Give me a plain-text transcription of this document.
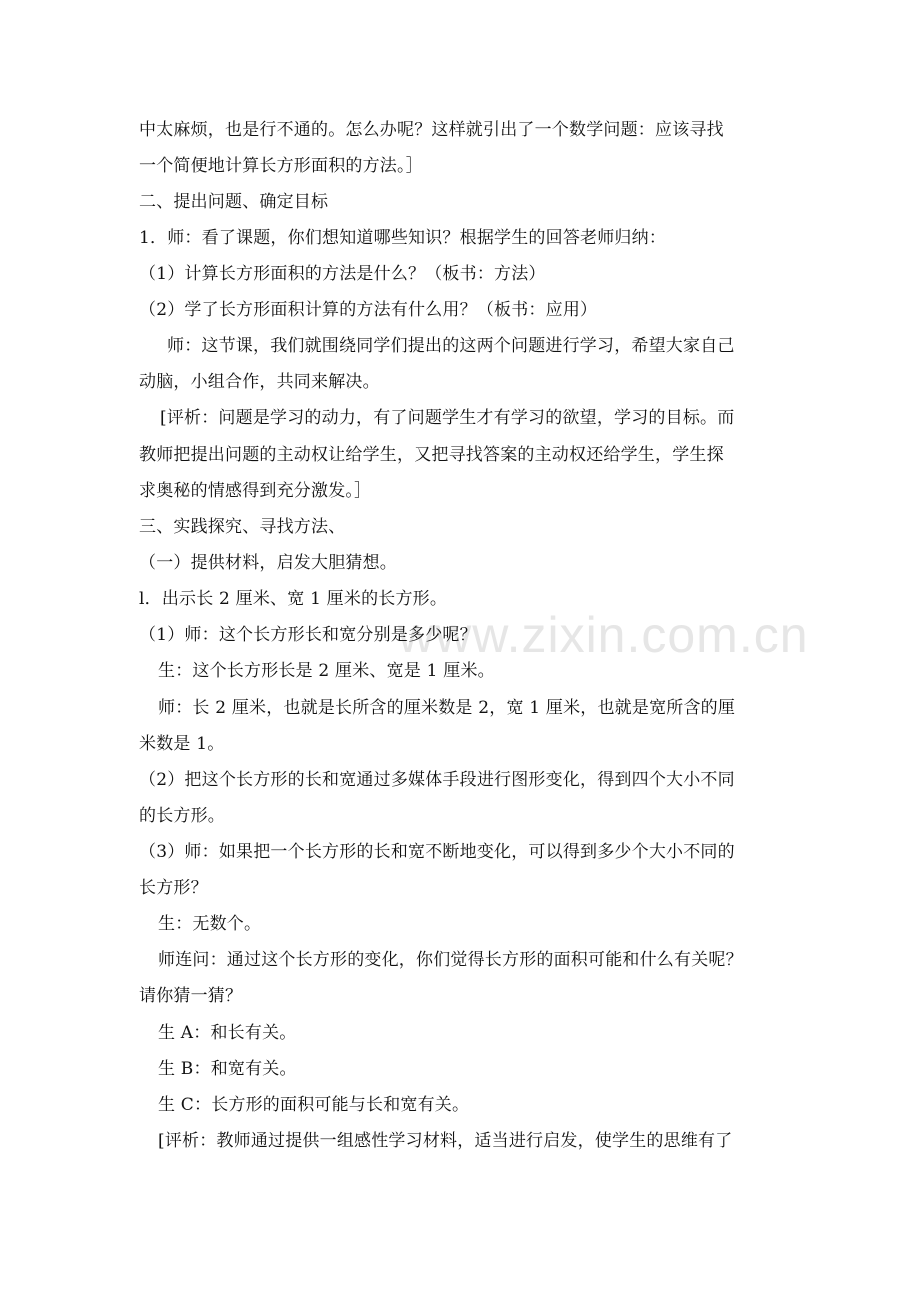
www.zixin.com.cn
中太麻烦，也是行不通的。怎么办呢？这样就引出了一个数学问题：应该寻找
一个简便地计算长方形面积的方法。］
二、提出问题、确定目标
1．师：看了课题，你们想知道哪些知识？根据学生的回答老师归纳：
（1）计算长方形面积的方法是什么？（板书：方法）
（2）学了长方形面积计算的方法有什么用？（板书：应用）
师：这节课，我们就围绕同学们提出的这两个问题进行学习，希望大家自己
动脑，小组合作，共同来解决。
[评析：问题是学习的动力，有了问题学生才有学习的欲望，学习的目标。而
教师把提出问题的主动权让给学生，又把寻找答案的主动权还给学生，学生探
求奥秘的情感得到充分激发。］
三、实践探究、寻找方法、
（一）提供材料，启发大胆猜想。
l．出示长 2 厘米、宽 1 厘米的长方形。
（1）师：这个长方形长和宽分别是多少呢？
生：这个长方形长是 2 厘米、宽是 1 厘米。
师：长 2 厘米，也就是长所含的厘米数是 2，宽 1 厘米，也就是宽所含的厘
米数是 1。
（2）把这个长方形的长和宽通过多媒体手段进行图形变化，得到四个大小不同
的长方形。
（3）师：如果把一个长方形的长和宽不断地变化，可以得到多少个大小不同的
长方形？
生：无数个。
师连问：通过这个长方形的变化，你们觉得长方形的面积可能和什么有关呢？
请你猜一猜？
生 A：和长有关。
生 B：和宽有关。
生 C：长方形的面积可能与长和宽有关。
[评析：教师通过提供一组感性学习材料，适当进行启发，使学生的思维有了
